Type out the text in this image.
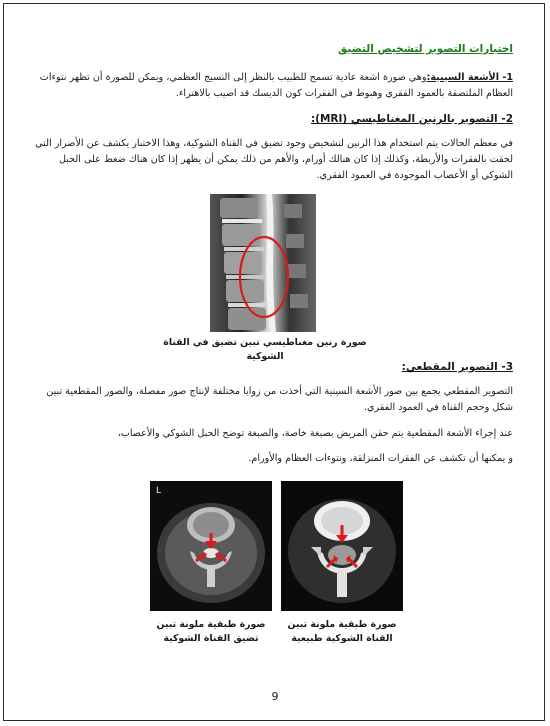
اختبارات التصوير لتشخيص التضيق
1- الأشعة السينية:وهي صورة اشعة عادية تسمح للطبيب بالنظر إلى النسيج العظمي، ويمكن للصورة أن تظهر نتوءات العظام الملتصقة بالعمود الفقري وهبوط في الفقرات كون الديسك قد اصيب بالاهتراء.
2- التصوير بالرنين المغناطيسي (MRI):
في معظم الحالات يتم استخدام هذا الرنين لتشخيص وجود تضيق في القناة الشوكية، وهذا الاختبار يكشف عن الأضرار التي لحقت بالفقرات والأربطة، وكذلك إذا كان هنالك أورام، والأهم من ذلك يمكن أن يظهر إذا كان هناك ضغط على الحبل الشوكي أو الأعصاب الموجودة في العمود الفقري.
صورة رنين مغناطيسي تبين تضيق في القناة الشوكية
3- التصوير المقطعي:
التصوير المقطعي يجمع بين صور الأشعة السينية التي أخذت من زوايا مختلفة لإنتاج صور مفصلة، والصور المقطعية تبين شكل وحجم القناة في العمود الفقري.
عند إجراء الأشعة المقطعية يتم حقن المريض بصبغة خاصة، والصبغة توضح الحبل الشوكي والأعصاب،
و يمكنها أن تكشف عن الفقرات المنزلقة، ونتوءات العظام والأورام.
L
صورة طبقية ملونة تبين
تضيق القناة الشوكية
صورة طبقية ملونة تبين
القناة الشوكية طبيعية
9
